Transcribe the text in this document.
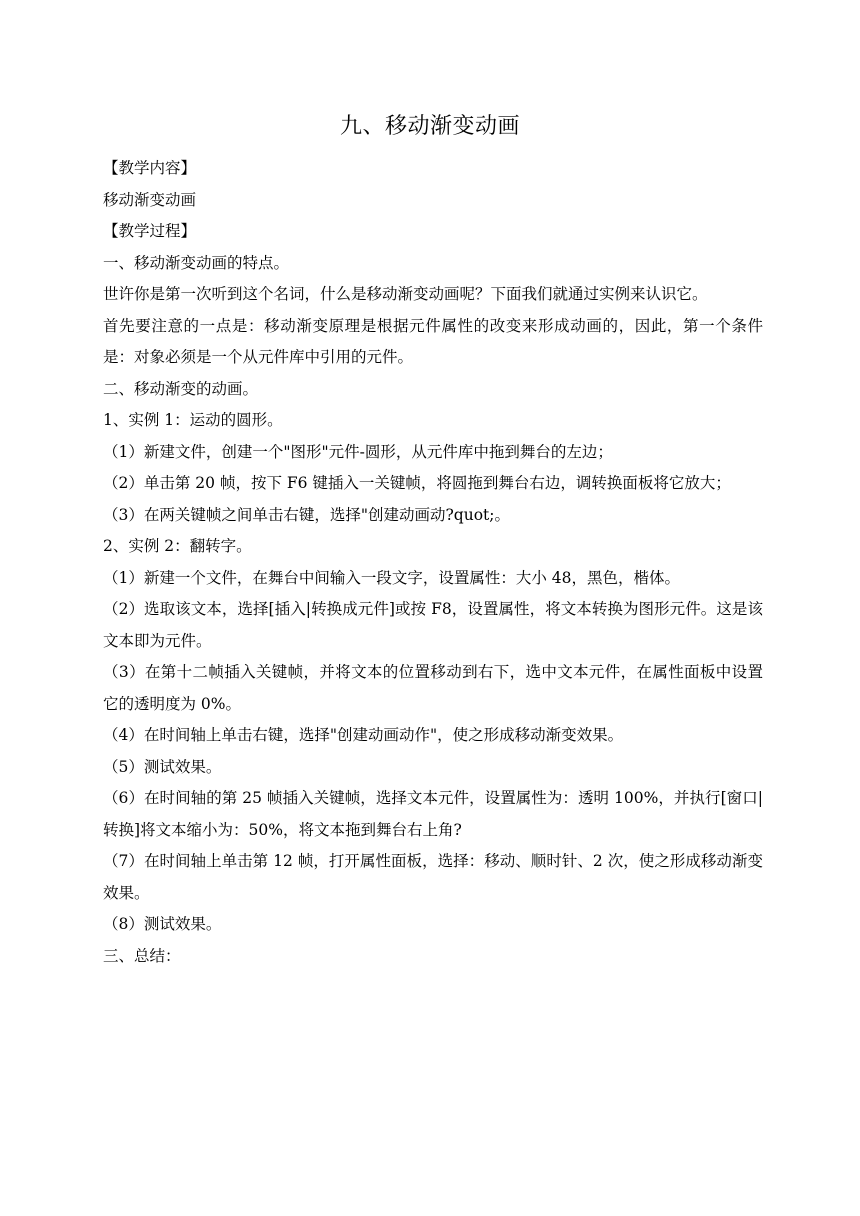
九、移动渐变动画

【教学内容】

移动渐变动画

【教学过程】

一、移动渐变动画的特点。

世许你是第一次听到这个名词，什么是移动渐变动画呢？下面我们就通过实例来认识它。

首先要注意的一点是：移动渐变原理是根据元件属性的改变来形成动画的，因此，第一个条件是：对象必须是一个从元件库中引用的元件。

二、移动渐变的动画。

1、实例 1：运动的圆形。

（1）新建文件，创建一个"图形"元件-圆形，从元件库中拖到舞台的左边；

（2）单击第 20 帧，按下 F6 键插入一关键帧，将圆拖到舞台右边，调转换面板将它放大；

（3）在两关键帧之间单击右键，选择"创建动画动?quot;。

2、实例 2：翻转字。

（1）新建一个文件，在舞台中间输入一段文字，设置属性：大小 48，黑色，楷体。

（2）选取该文本，选择[插入|转换成元件]或按 F8，设置属性，将文本转换为图形元件。这是该文本即为元件。

（3）在第十二帧插入关键帧，并将文本的位置移动到右下，选中文本元件，在属性面板中设置它的透明度为 0%。

（4）在时间轴上单击右键，选择"创建动画动作"，使之形成移动渐变效果。

（5）测试效果。

（6）在时间轴的第 25 帧插入关键帧，选择文本元件，设置属性为：透明 100%，并执行[窗口|转换]将文本缩小为：50%，将文本拖到舞台右上角?

（7）在时间轴上单击第 12 帧，打开属性面板，选择：移动、顺时针、2 次，使之形成移动渐变效果。

（8）测试效果。

三、总结：
